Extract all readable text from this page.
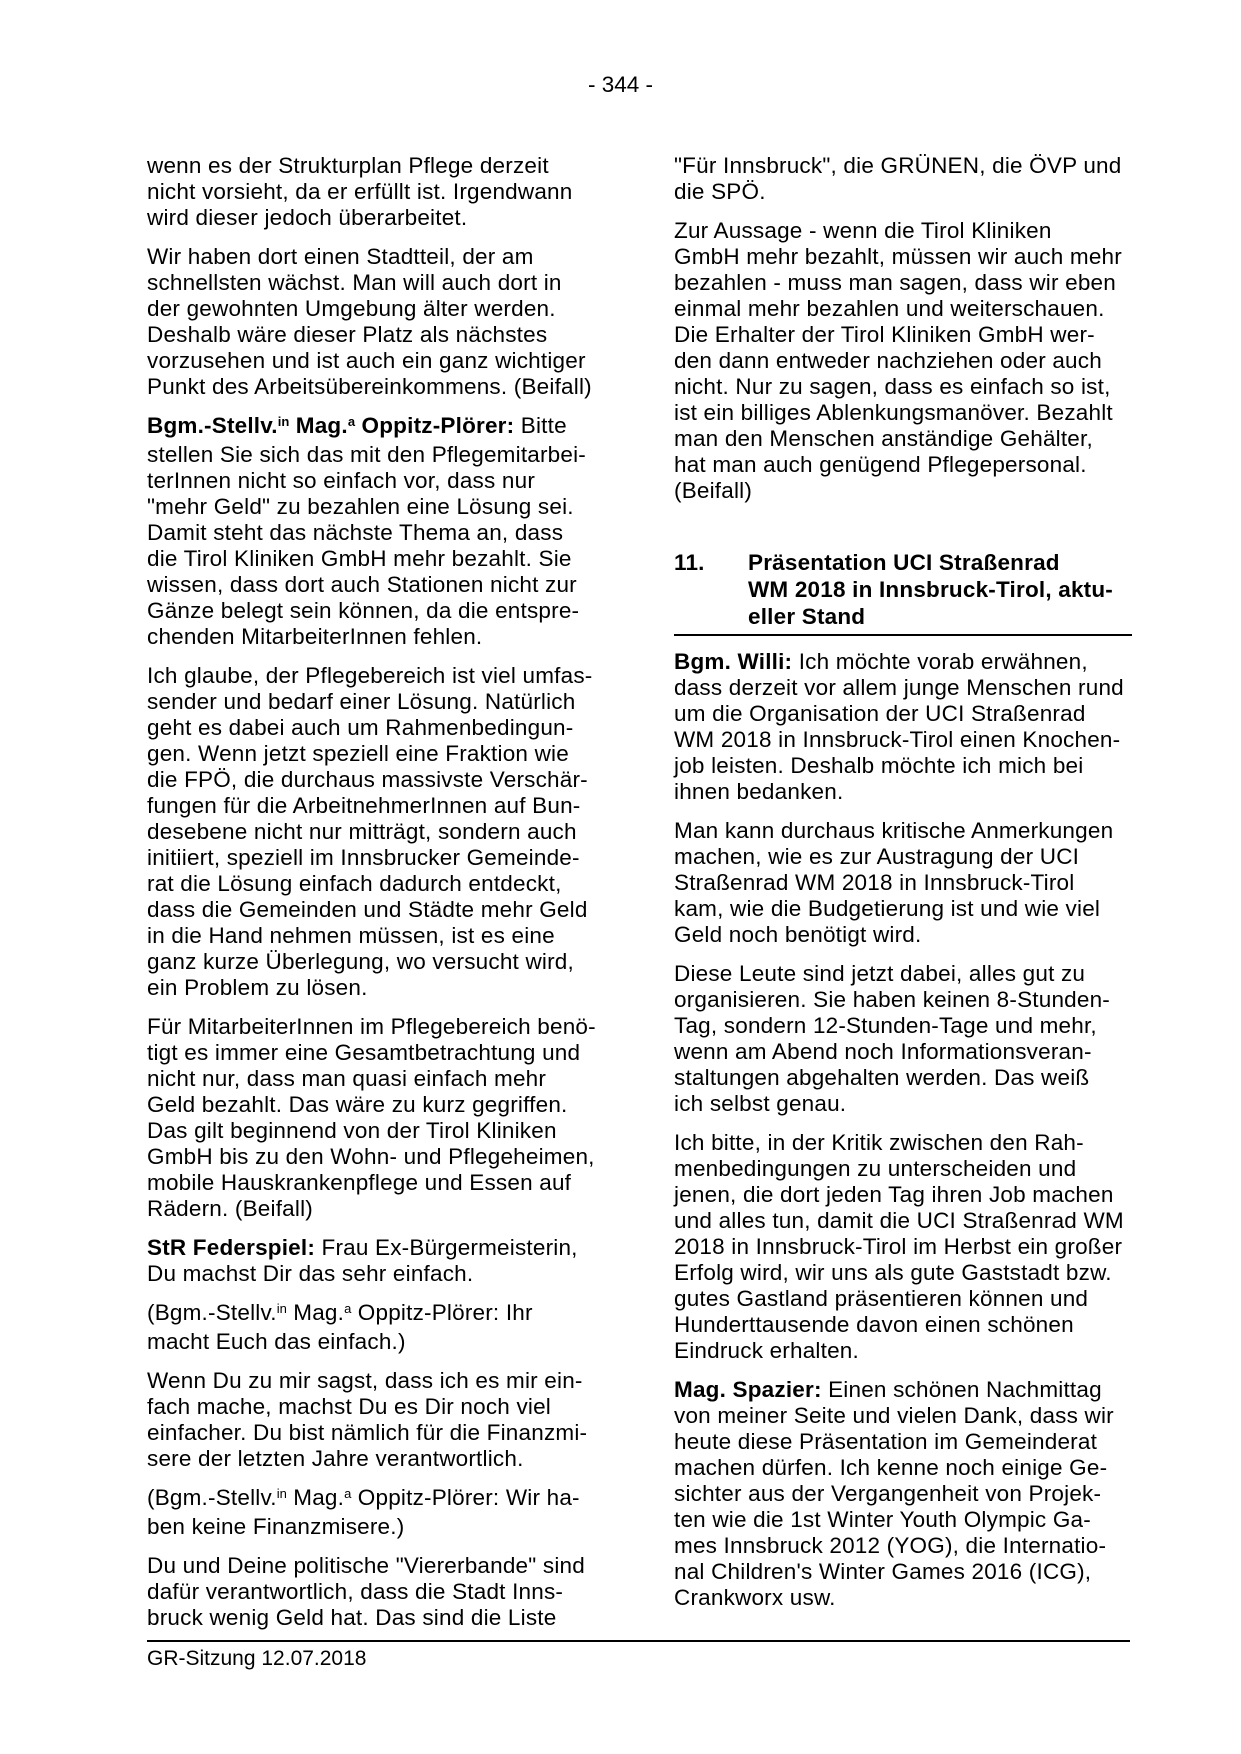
- 344 -
wenn es der Strukturplan Pflege derzeit
nicht vorsieht, da er erfüllt ist. Irgendwann
wird dieser jedoch überarbeitet.
Wir haben dort einen Stadtteil, der am
schnellsten wächst. Man will auch dort in
der gewohnten Umgebung älter werden.
Deshalb wäre dieser Platz als nächstes
vorzusehen und ist auch ein ganz wichtiger
Punkt des Arbeitsübereinkommens. (Beifall)
Bgm.-Stellv.$^{in}$ Mag.$^a$ Oppitz-Plörer: Bitte
stellen Sie sich das mit den Pflegemitarbei-
terInnen nicht so einfach vor, dass nur
"mehr Geld" zu bezahlen eine Lösung sei.
Damit steht das nächste Thema an, dass
die Tirol Kliniken GmbH mehr bezahlt. Sie
wissen, dass dort auch Stationen nicht zur
Gänze belegt sein können, da die entspre-
chenden MitarbeiterInnen fehlen.
Ich glaube, der Pflegebereich ist viel umfas-
sender und bedarf einer Lösung. Natürlich
geht es dabei auch um Rahmenbedingun-
gen. Wenn jetzt speziell eine Fraktion wie
die FPÖ, die durchaus massivste Verschär-
fungen für die ArbeitnehmerInnen auf Bun-
desebene nicht nur mitträgt, sondern auch
initiiert, speziell im Innsbrucker Gemeinde-
rat die Lösung einfach dadurch entdeckt,
dass die Gemeinden und Städte mehr Geld
in die Hand nehmen müssen, ist es eine
ganz kurze Überlegung, wo versucht wird,
ein Problem zu lösen.
Für MitarbeiterInnen im Pflegebereich benö-
tigt es immer eine Gesamtbetrachtung und
nicht nur, dass man quasi einfach mehr
Geld bezahlt. Das wäre zu kurz gegriffen.
Das gilt beginnend von der Tirol Kliniken
GmbH bis zu den Wohn- und Pflegeheimen,
mobile Hauskrankenpflege und Essen auf
Rädern. (Beifall)
StR Federspiel: Frau Ex-Bürgermeisterin,
Du machst Dir das sehr einfach.
(Bgm.-Stellv.$^{in}$ Mag.$^a$ Oppitz-Plörer: Ihr
macht Euch das einfach.)
Wenn Du zu mir sagst, dass ich es mir ein-
fach mache, machst Du es Dir noch viel
einfacher. Du bist nämlich für die Finanzmi-
sere der letzten Jahre verantwortlich.
(Bgm.-Stellv.$^{in}$ Mag.$^a$ Oppitz-Plörer: Wir ha-
ben keine Finanzmisere.)
Du und Deine politische "Viererbande" sind
dafür verantwortlich, dass die Stadt Inns-
bruck wenig Geld hat. Das sind die Liste
"Für Innsbruck", die GRÜNEN, die ÖVP und
die SPÖ.
Zur Aussage - wenn die Tirol Kliniken
GmbH mehr bezahlt, müssen wir auch mehr
bezahlen - muss man sagen, dass wir eben
einmal mehr bezahlen und weiterschauen.
Die Erhalter der Tirol Kliniken GmbH wer-
den dann entweder nachziehen oder auch
nicht. Nur zu sagen, dass es einfach so ist,
ist ein billiges Ablenkungsmanöver. Bezahlt
man den Menschen anständige Gehälter,
hat man auch genügend Pflegepersonal.
(Beifall)
11.	Präsentation UCI Straßenrad
WM 2018 in Innsbruck-Tirol, aktu-
eller Stand
Bgm. Willi: Ich möchte vorab erwähnen,
dass derzeit vor allem junge Menschen rund
um die Organisation der UCI Straßenrad
WM 2018 in Innsbruck-Tirol einen Knochen-
job leisten. Deshalb möchte ich mich bei
ihnen bedanken.
Man kann durchaus kritische Anmerkungen
machen, wie es zur Austragung der UCI
Straßenrad WM 2018 in Innsbruck-Tirol
kam, wie die Budgetierung ist und wie viel
Geld noch benötigt wird.
Diese Leute sind jetzt dabei, alles gut zu
organisieren. Sie haben keinen 8-Stunden-
Tag, sondern 12-Stunden-Tage und mehr,
wenn am Abend noch Informationsveran-
staltungen abgehalten werden. Das weiß
ich selbst genau.
Ich bitte, in der Kritik zwischen den Rah-
menbedingungen zu unterscheiden und
jenen, die dort jeden Tag ihren Job machen
und alles tun, damit die UCI Straßenrad WM
2018 in Innsbruck-Tirol im Herbst ein großer
Erfolg wird, wir uns als gute Gaststadt bzw.
gutes Gastland präsentieren können und
Hunderttausende davon einen schönen
Eindruck erhalten.
Mag. Spazier: Einen schönen Nachmittag
von meiner Seite und vielen Dank, dass wir
heute diese Präsentation im Gemeinderat
machen dürfen. Ich kenne noch einige Ge-
sichter aus der Vergangenheit von Projek-
ten wie die 1st Winter Youth Olympic Ga-
mes Innsbruck 2012 (YOG), die Internatio-
nal Children's Winter Games 2016 (ICG),
Crankworx usw.
GR-Sitzung 12.07.2018
